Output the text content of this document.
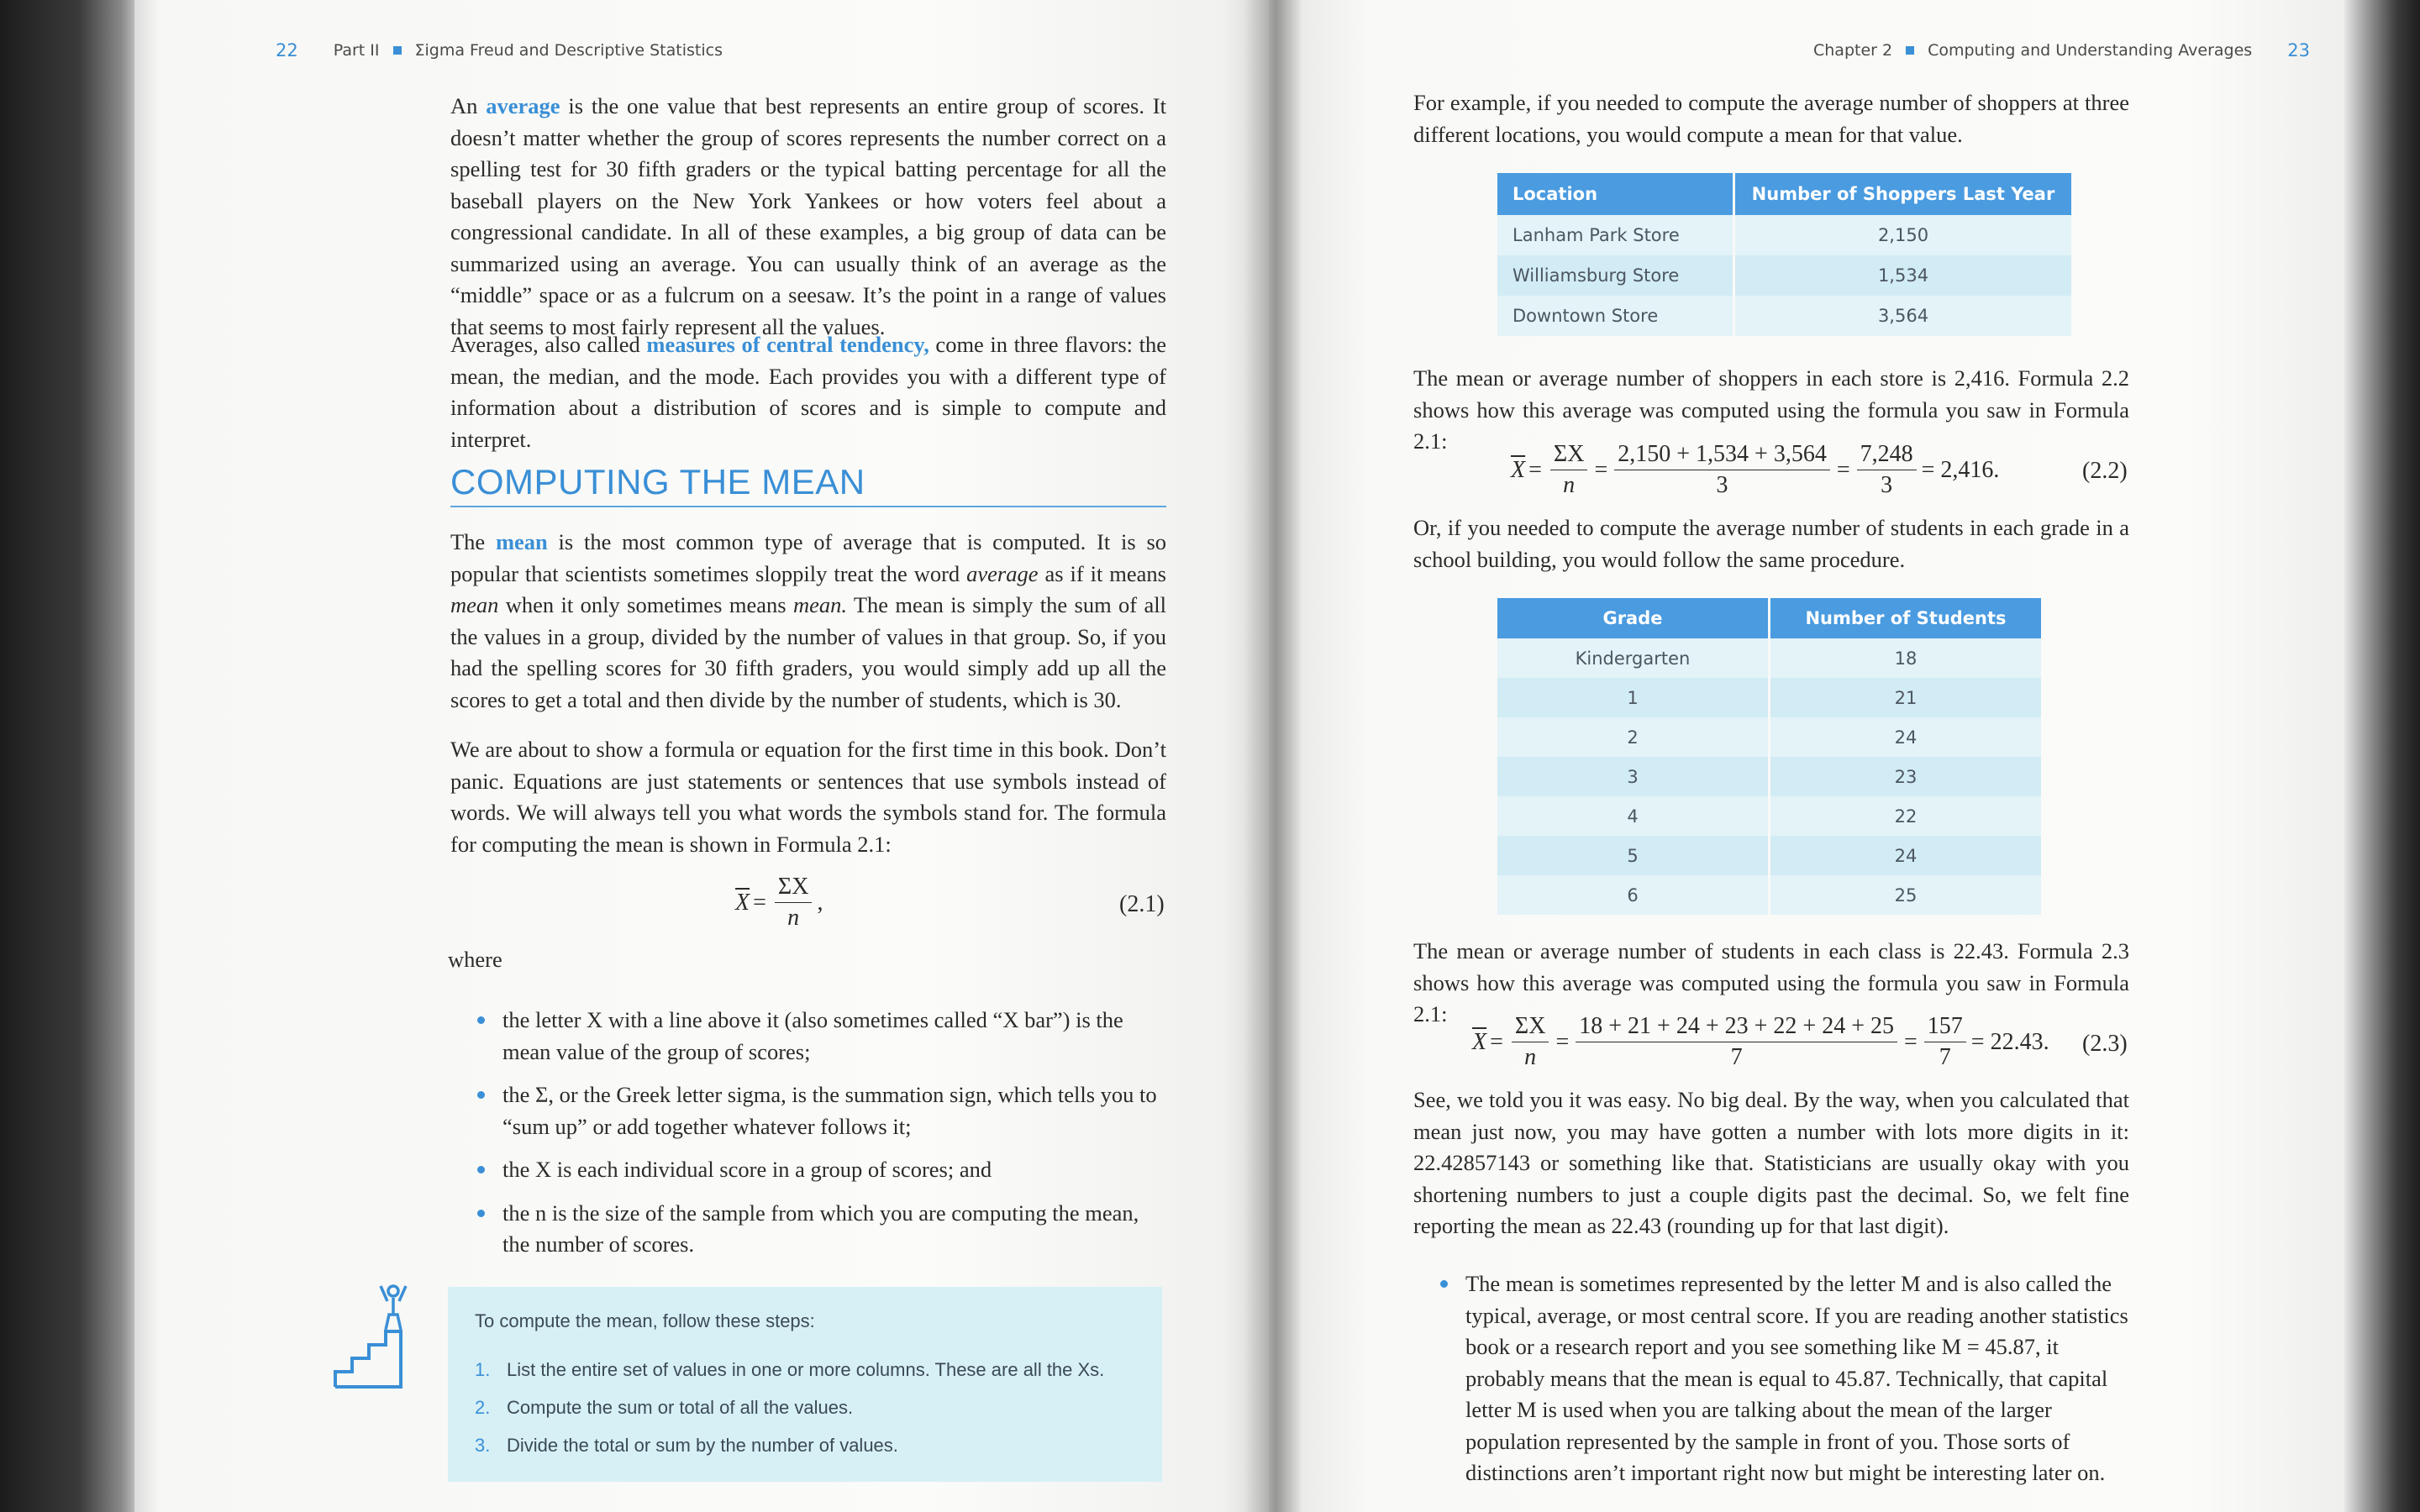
22 Part II Σigma Freud and Descriptive Statistics

An average is the one value that best represents an entire group of scores. It doesn’t matter whether the group of scores represents the number correct on a spelling test for 30 fifth graders or the typical batting percentage for all the baseball players on the New York Yankees or how voters feel about a congressional candidate. In all of these examples, a big group of data can be summarized using an average. You can usually think of an average as the “middle” space or as a fulcrum on a seesaw. It’s the point in a range of values that seems to most fairly represent all the values.

Averages, also called measures of central tendency, come in three flavors: the mean, the median, and the mode. Each provides you with a different type of information about a distribution of scores and is simple to compute and interpret.

COMPUTING THE MEAN

The mean is the most common type of average that is computed. It is so popular that scientists sometimes sloppily treat the word average as if it means mean when it only sometimes means mean. The mean is simply the sum of all the values in a group, divided by the number of values in that group. So, if you had the spelling scores for 30 fifth graders, you would simply add up all the scores to get a total and then divide by the number of students, which is 30.

We are about to show a formula or equation for the first time in this book. Don’t panic. Equations are just statements or sentences that use symbols instead of words. We will always tell you what words the symbols stand for. The formula for computing the mean is shown in Formula 2.1:

$\overline{X} = \frac{\Sigma X}{n}$ ,	(2.1)
where
the letter X with a line above it (also sometimes called “X bar”) is the mean value of the group of scores;
the Σ, or the Greek letter sigma, is the summation sign, which tells you to “sum up” or add together whatever follows it;
the X is each individual score in a group of scores; and
the n is the size of the sample from which you are computing the mean, the number of scores.
To compute the mean, follow these steps:
1. List the entire set of values in one or more columns. These are all the Xs.
2. Compute the sum or total of all the values.
3. Divide the total or sum by the number of values.
Chapter 2 Computing and Understanding Averages 23

For example, if you needed to compute the average number of shoppers at three different locations, you would compute a mean for that value.

Location	Number of Shoppers Last Year
Lanham Park Store	2,150
Williamsburg Store	1,534
Downtown Store	3,564

The mean or average number of shoppers in each store is 2,416. Formula 2.2 shows how this average was computed using the formula you saw in Formula 2.1:

$\overline{X} = \frac{\Sigma X}{n} = \frac{2,150 + 1,534 + 3,564}{3} = \frac{7,248}{3} = 2,416$.	(2.2)

Or, if you needed to compute the average number of students in each grade in a school building, you would follow the same procedure.

Grade	Number of Students
Kindergarten	18
1	21
2	24
3	23
4	22
5	24
6	25

The mean or average number of students in each class is 22.43. Formula 2.3 shows how this average was computed using the formula you saw in Formula 2.1:

$\overline{X} = \frac{\Sigma X}{n} = \frac{18 + 21 + 24 + 23 + 22 + 24 + 25}{7} = \frac{157}{7} = 22.43$. (2.3)

See, we told you it was easy. No big deal. By the way, when you calculated that mean just now, you may have gotten a number with lots more digits in it: 22.42857143 or something like that. Statisticians are usually okay with you shortening numbers to just a couple digits past the decimal. So, we felt fine reporting the mean as 22.43 (rounding up for that last digit).

The mean is sometimes represented by the letter M and is also called the typical, average, or most central score. If you are reading another statistics book or a research report and you see something like M = 45.87, it probably means that the mean is equal to 45.87. Technically, that capital letter M is used when you are talking about the mean of the larger population represented by the sample in front of you. Those sorts of distinctions aren’t important right now but might be interesting later on.
